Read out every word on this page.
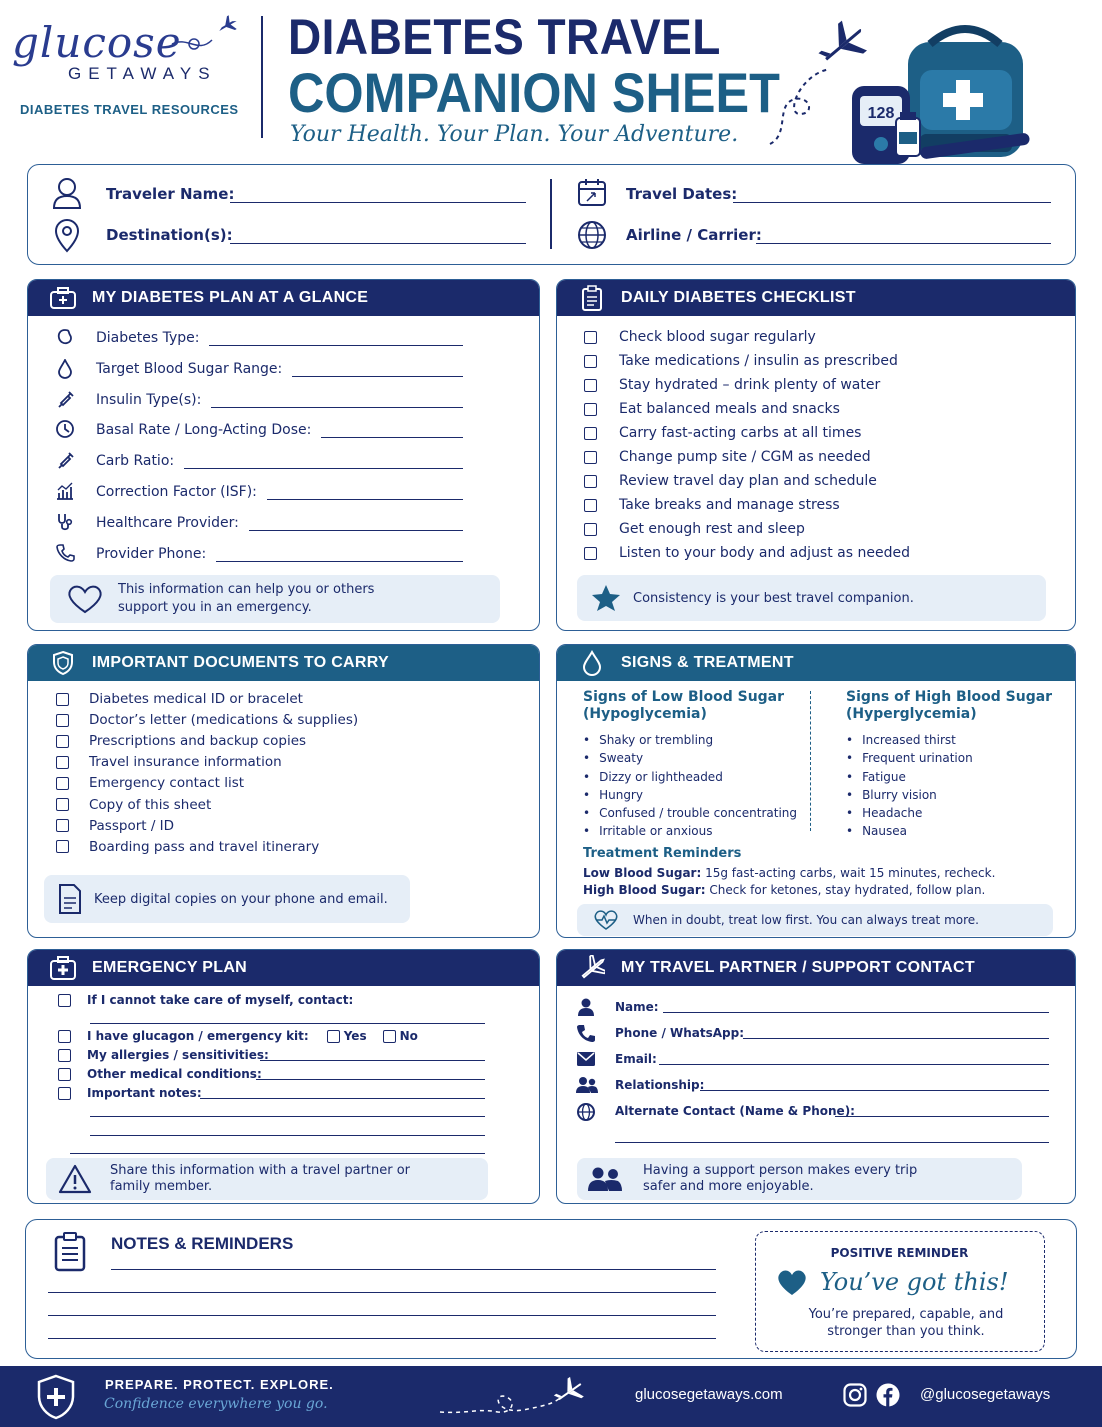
glucose
GETAWAYS
DIABETES TRAVEL RESOURCES
DIABETES TRAVEL
COMPANION SHEET
Your Health. Your Plan. Your Adventure.
128
Traveler Name:
Destination(s):
Travel Dates:
Airline / Carrier:
MY DIABETES PLAN AT A GLANCE
Diabetes Type:
Target Blood Sugar Range:
Insulin Type(s):
Basal Rate / Long-Acting Dose:
Carb Ratio:
Correction Factor (ISF):
Healthcare Provider:
Provider Phone:
This information can help you or others support you in an emergency.
DAILY DIABETES CHECKLIST
Check blood sugar regularly
Take medications / insulin as prescribed
Stay hydrated – drink plenty of water
Eat balanced meals and snacks
Carry fast-acting carbs at all times
Change pump site / CGM as needed
Review travel day plan and schedule
Take breaks and manage stress
Get enough rest and sleep
Listen to your body and adjust as needed
Consistency is your best travel companion.
IMPORTANT DOCUMENTS TO CARRY
Diabetes medical ID or bracelet
Doctor’s letter (medications & supplies)
Prescriptions and backup copies
Travel insurance information
Emergency contact list
Copy of this sheet
Passport / ID
Boarding pass and travel itinerary
Keep digital copies on your phone and email.
SIGNS & TREATMENT
Signs of Low Blood Sugar
(Hypoglycemia)
• Shaky or trembling
• Sweaty
• Dizzy or lightheaded
• Hungry
• Confused / trouble concentrating
• Irritable or anxious
Signs of High Blood Sugar
(Hyperglycemia)
• Increased thirst
• Frequent urination
• Fatigue
• Blurry vision
• Headache
• Nausea
Treatment Reminders
Low Blood Sugar: 15g fast-acting carbs, wait 15 minutes, recheck.
High Blood Sugar: Check for ketones, stay hydrated, follow plan.
When in doubt, treat low first. You can always treat more.
EMERGENCY PLAN
If I cannot take care of myself, contact:
I have glucagon / emergency kit:	Yes	No
My allergies / sensitivities:
Other medical conditions:
Important notes:
Share this information with a travel partner or family member.
MY TRAVEL PARTNER / SUPPORT CONTACT
Name:
Phone / WhatsApp:
Email:
Relationship:
Alternate Contact (Name & Phone):
Having a support person makes every trip safer and more enjoyable.
NOTES & REMINDERS	POSITIVE REMINDER
You’ve got this!
You’re prepared, capable, and stronger than you think.
PREPARE. PROTECT. EXPLORE.
Confidence everywhere you go.
glucosegetaways.com	@glucosegetaways
